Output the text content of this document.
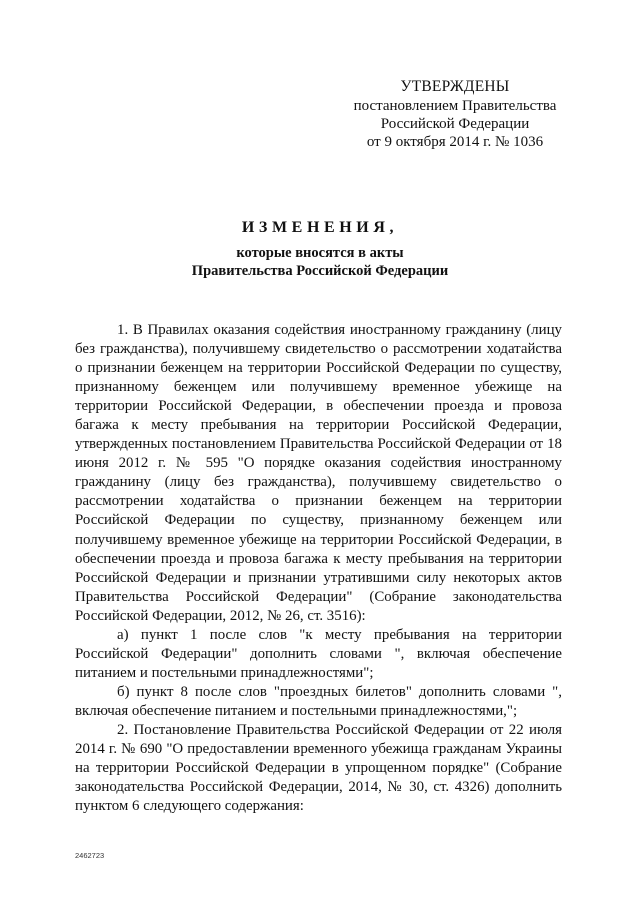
УТВЕРЖДЕНЫ
постановлением Правительства
Российской Федерации
от 9 октября 2014 г. № 1036
ИЗМЕНЕНИЯ,
которые вносятся в акты
Правительства Российской Федерации

1. В Правилах оказания содействия иностранному гражданину (лицу без гражданства), получившему свидетельство о рассмотрении ходатайства о признании беженцем на территории Российской Федерации по существу, признанному беженцем или получившему временное убежище на территории Российской Федерации, в обеспечении проезда и провоза багажа к месту пребывания на территории Российской Федерации, утвержденных постановлением Правительства Российской Федерации от 18 июня 2012 г. № 595 "О порядке оказания содействия иностранному гражданину (лицу без гражданства), получившему свидетельство о рассмотрении ходатайства о признании беженцем на территории Российской Федерации по существу, признанному беженцем или получившему временное убежище на территории Российской Федерации, в обеспечении проезда и провоза багажа к месту пребывания на территории Российской Федерации и признании утратившими силу некоторых актов Правительства Российской Федерации" (Собрание законодательства Российской Федерации, 2012, № 26, ст. 3516):

а) пункт 1 после слов "к месту пребывания на территории Российской Федерации" дополнить словами ", включая обеспечение питанием и постельными принадлежностями";

б) пункт 8 после слов "проездных билетов" дополнить словами ", включая обеспечение питанием и постельными принадлежностями,";

2. Постановление Правительства Российской Федерации от 22 июля 2014 г. № 690 "О предоставлении временного убежища гражданам Украины на территории Российской Федерации в упрощенном порядке" (Собрание законодательства Российской Федерации, 2014, № 30, ст. 4326) дополнить пунктом 6 следующего содержания:

2462723
